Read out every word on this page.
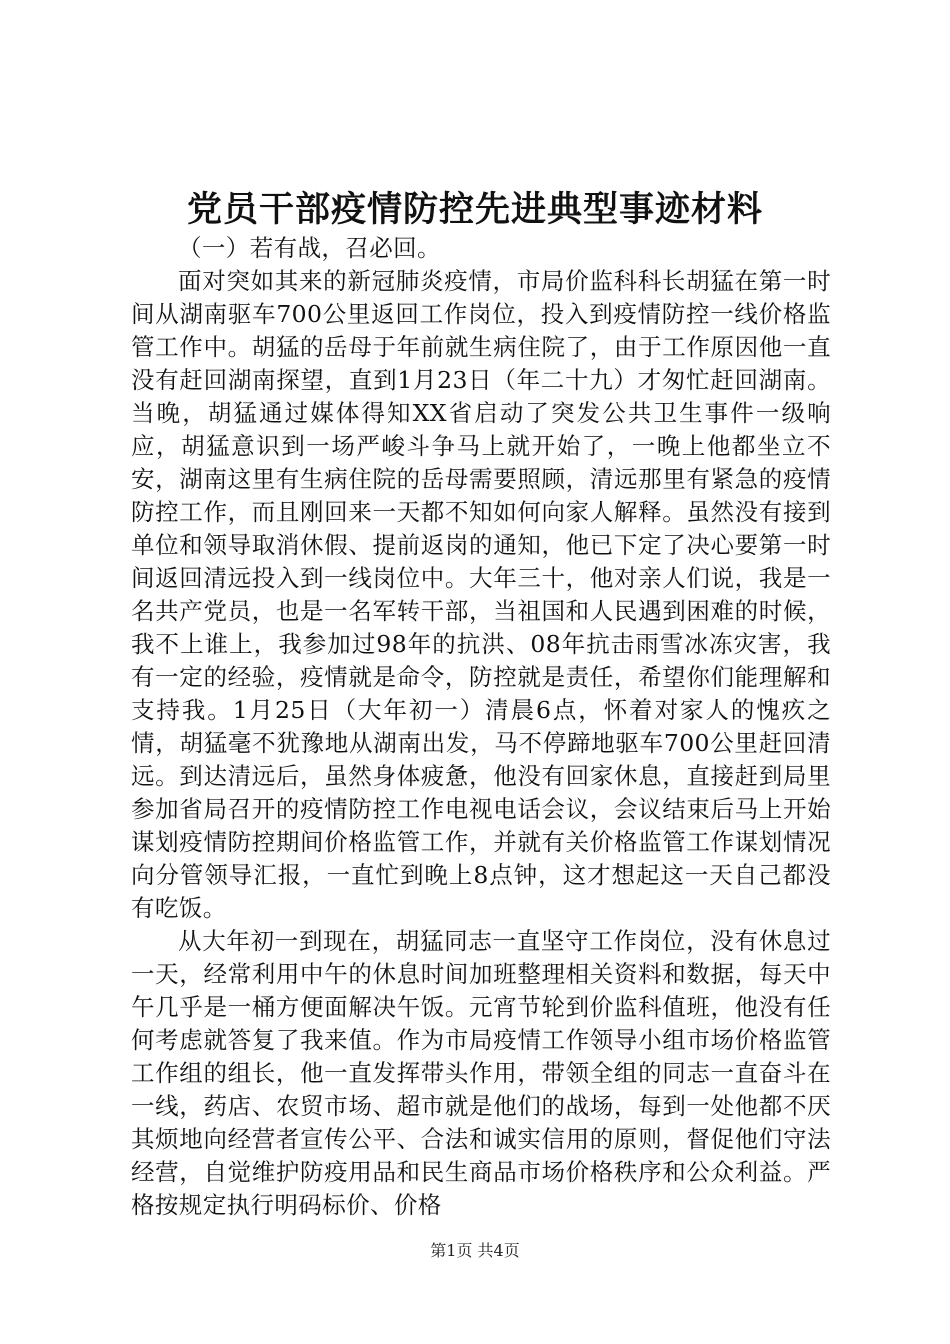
党员干部疫情防控先进典型事迹材料

（一）若有战，召必回。

面对突如其来的新冠肺炎疫情，市局价监科科长胡猛在第一时间从湖南驱车700公里返回工作岗位，投入到疫情防控一线价格监管工作中。胡猛的岳母于年前就生病住院了，由于工作原因他一直没有赶回湖南探望，直到1月23日（年二十九）才匆忙赶回湖南。当晚，胡猛通过媒体得知XX省启动了突发公共卫生事件一级响应，胡猛意识到一场严峻斗争马上就开始了，一晚上他都坐立不安，湖南这里有生病住院的岳母需要照顾，清远那里有紧急的疫情防控工作，而且刚回来一天都不知如何向家人解释。虽然没有接到单位和领导取消休假、提前返岗的通知，他已下定了决心要第一时间返回清远投入到一线岗位中。大年三十，他对亲人们说，我是一名共产党员，也是一名军转干部，当祖国和人民遇到困难的时候，我不上谁上，我参加过98年的抗洪、08年抗击雨雪冰冻灾害，我有一定的经验，疫情就是命令，防控就是责任，希望你们能理解和支持我。1月25日（大年初一）清晨6点，怀着对家人的愧疚之情，胡猛毫不犹豫地从湖南出发，马不停蹄地驱车700公里赶回清远。到达清远后，虽然身体疲惫，他没有回家休息，直接赶到局里参加省局召开的疫情防控工作电视电话会议，会议结束后马上开始谋划疫情防控期间价格监管工作，并就有关价格监管工作谋划情况向分管领导汇报，一直忙到晚上8点钟，这才想起这一天自己都没有吃饭。

从大年初一到现在，胡猛同志一直坚守工作岗位，没有休息过一天，经常利用中午的休息时间加班整理相关资料和数据，每天中午几乎是一桶方便面解决午饭。元宵节轮到价监科值班，他没有任何考虑就答复了我来值。作为市局疫情工作领导小组市场价格监管工作组的组长，他一直发挥带头作用，带领全组的同志一直奋斗在一线，药店、农贸市场、超市就是他们的战场，每到一处他都不厌其烦地向经营者宣传公平、合法和诚实信用的原则，督促他们守法经营，自觉维护防疫用品和民生商品市场价格秩序和公众利益。严格按规定执行明码标价、价格

第1页 共4页
